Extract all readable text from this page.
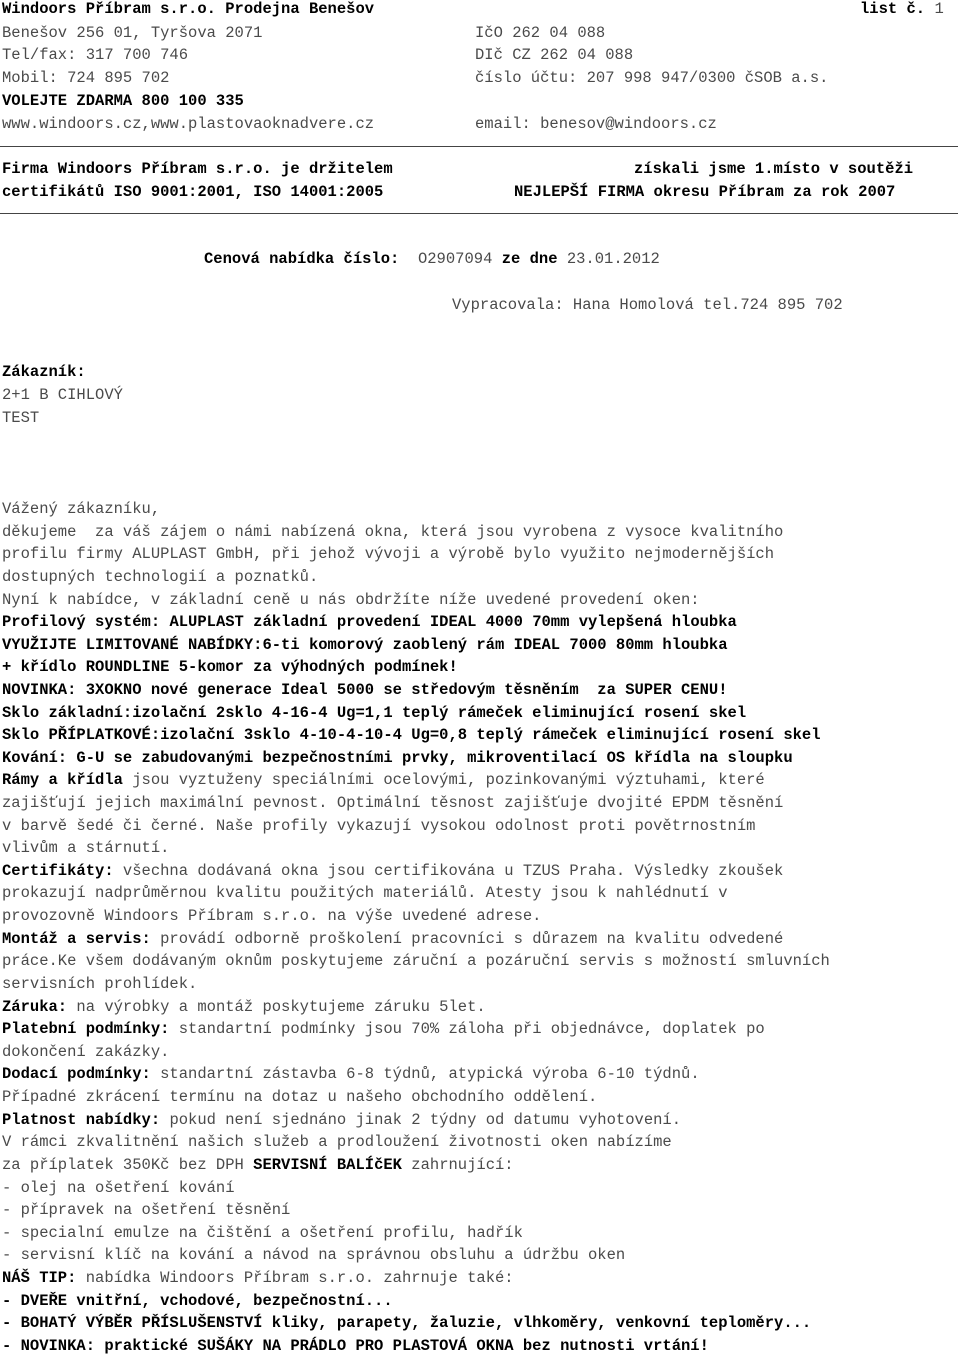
Windoors Příbram s.r.o. Prodejna Benešov	list č. 1
Benešov 256 01, Tyršova 2071	IčO 262 04 088
Tel/fax: 317 700 746	DIč CZ 262 04 088
Mobil: 724 895 702	číslo účtu: 207 998 947/0300 čSOB a.s.
VOLEJTE ZDARMA 800 100 335
www.windoors.cz,www.plastovaoknadvere.cz	email: benesov@windoors.cz
Firma Windoors Příbram s.r.o. je držitelem	získali jsme 1.místo v soutěži
certifikátů ISO 9001:2001, ISO 14001:2005	NEJLEPŠÍ FIRMA okresu Příbram za rok 2007
Cenová nabídka číslo: O2907094 ze dne 23.01.2012
Vypracovala: Hana Homolová tel.724 895 702
Zákazník:
2+1 B CIHLOVÝ
TEST
Vážený zákazníku,
děkujeme  za váš zájem o námi nabízená okna, která jsou vyrobena z vysoce kvalitního
profilu firmy ALUPLAST GmbH, při jehož vývoji a výrobě bylo využito nejmodernějších
dostupných technologií a poznatků.
Nyní k nabídce, v základní ceně u nás obdržíte níže uvedené provedení oken:
Profilový systém: ALUPLAST základní provedení IDEAL 4000 70mm vylepšená hloubka
VYUŽIJTE LIMITOVANÉ NABÍDKY:6-ti komorový zaoblený rám IDEAL 7000 80mm hloubka
+ křídlo ROUNDLINE 5-komor za výhodných podmínek!
NOVINKA: 3XOKNO nové generace Ideal 5000 se středovým těsněním  za SUPER CENU!
Sklo základní:izolační 2sklo 4-16-4 Ug=1,1 teplý rámeček eliminující rosení skel
Sklo PŘÍPLATKOVÉ:izolační 3sklo 4-10-4-10-4 Ug=0,8 teplý rámeček eliminující rosení skel
Kování: G-U se zabudovanými bezpečnostními prvky, mikroventilací OS křídla na sloupku
Rámy a křídla jsou vyztuženy speciálními ocelovými, pozinkovanými výztuhami, které
zajišťují jejich maximální pevnost. Optimální těsnost zajišťuje dvojité EPDM těsnění
v barvě šedé či černé. Naše profily vykazují vysokou odolnost proti povětrnostním
vlivům a stárnutí.
Certifikáty: všechna dodávaná okna jsou certifikována u TZUS Praha. Výsledky zkoušek
prokazují nadprůměrnou kvalitu použitých materiálů. Atesty jsou k nahlédnutí v
provozovně Windoors Příbram s.r.o. na výše uvedené adrese.
Montáž a servis: provádí odborně proškolení pracovníci s důrazem na kvalitu odvedené
práce.Ke všem dodávaným oknům poskytujeme záruční a pozáruční servis s možností smluvních
servisních prohlídek.
Záruka: na výrobky a montáž poskytujeme záruku 5let.
Platební podmínky: standartní podmínky jsou 70% záloha při objednávce, doplatek po
dokončení zakázky.
Dodací podmínky: standartní zástavba 6-8 týdnů, atypická výroba 6-10 týdnů.
Případné zkrácení termínu na dotaz u našeho obchodního oddělení.
Platnost nabídky: pokud není sjednáno jinak 2 týdny od datumu vyhotovení.
V rámci zkvalitnění našich služeb a prodloužení životnosti oken nabízíme
za příplatek 350Kč bez DPH SERVISNÍ BALÍčEK zahrnující:
- olej na ošetření kování
- přípravek na ošetření těsnění
- specialní emulze na čištění a ošetření profilu, hadřík
- servisní klíč na kování a návod na správnou obsluhu a údržbu oken
NÁŠ TIP: nabídka Windoors Příbram s.r.o. zahrnuje také:
- DVEŘE vnitřní, vchodové, bezpečnostní...
- BOHATÝ VÝBĚR PŘÍSLUŠENSTVÍ kliky, parapety, žaluzie, vlhkoměry, venkovní teploměry...
- NOVINKA: praktické SUŠÁKY NA PRÁDLO PRO PLASTOVÁ OKNA bez nutnosti vrtání!
